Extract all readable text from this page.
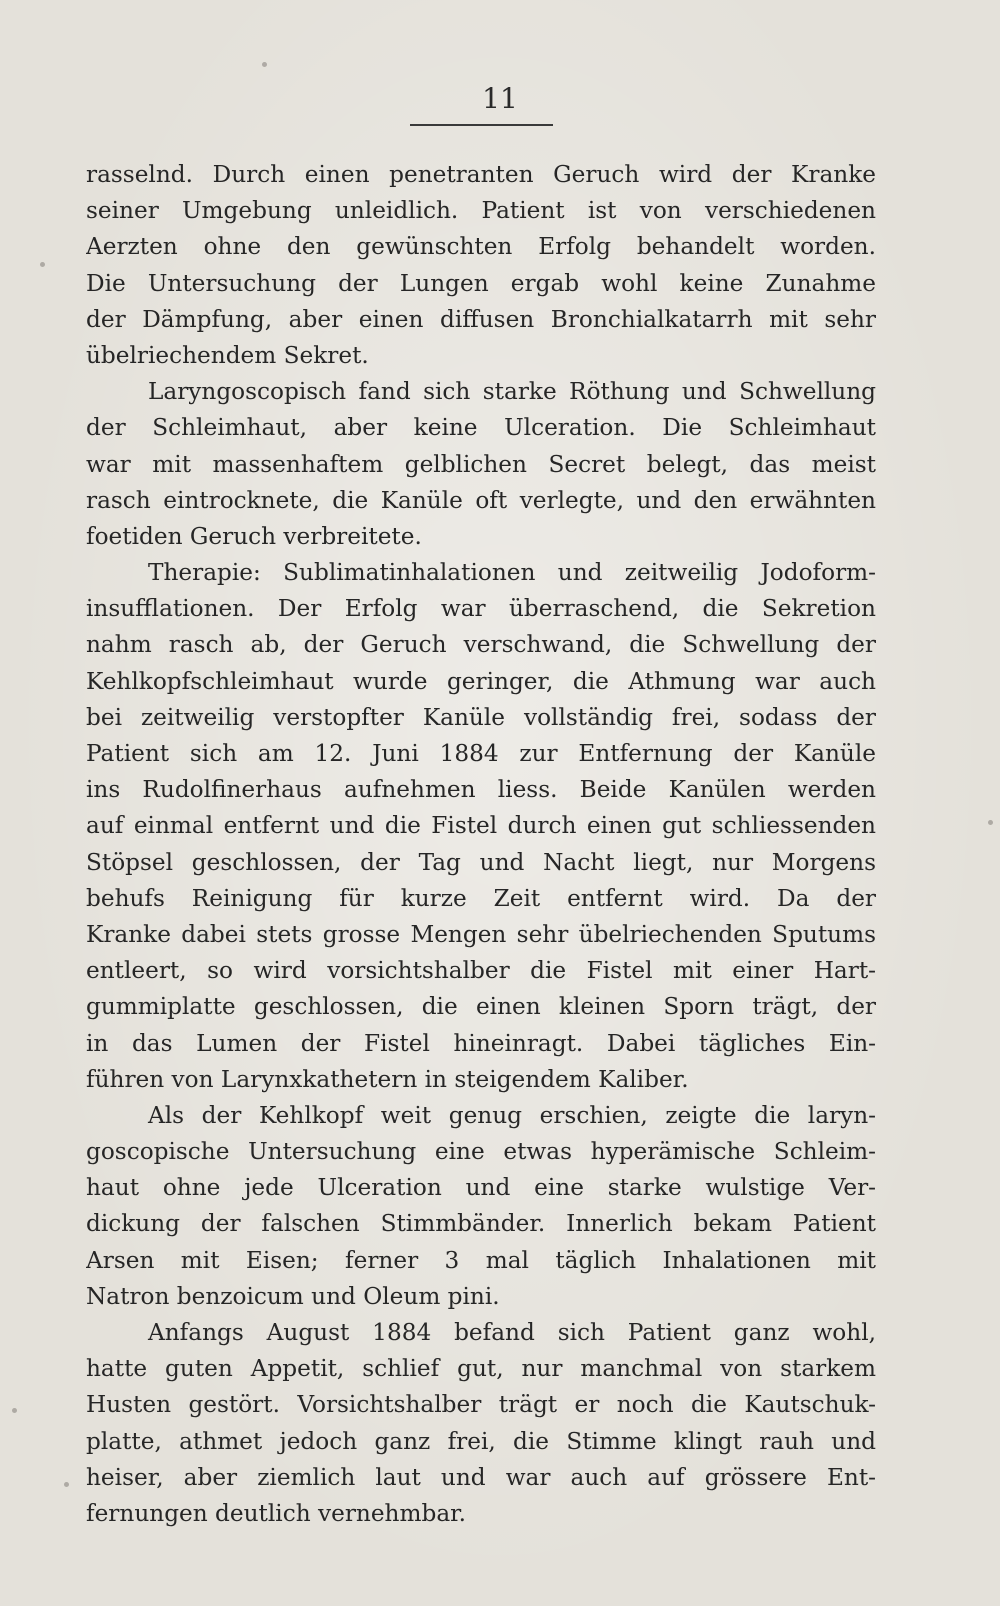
11
rasselnd. Durch einen penetranten Geruch wird der Kranke
seiner Umgebung unleidlich. Patient ist von verschiedenen
Aerzten ohne den gewünschten Erfolg behandelt worden.
Die Untersuchung der Lungen ergab wohl keine Zunahme
der Dämpfung, aber einen diffusen Bronchialkatarrh mit sehr
übelriechendem Sekret.
Laryngoscopisch fand sich starke Röthung und Schwellung
der Schleimhaut, aber keine Ulceration. Die Schleimhaut
war mit massenhaftem gelblichen Secret belegt, das meist
rasch eintrocknete, die Kanüle oft verlegte, und den erwähnten
foetiden Geruch verbreitete.
Therapie: Sublimatinhalationen und zeitweilig Jodoform-
insufflationen. Der Erfolg war überraschend, die Sekretion
nahm rasch ab, der Geruch verschwand, die Schwellung der
Kehlkopfschleimhaut wurde geringer, die Athmung war auch
bei zeitweilig verstopfter Kanüle vollständig frei, sodass der
Patient sich am 12. Juni 1884 zur Entfernung der Kanüle
ins Rudolfinerhaus aufnehmen liess. Beide Kanülen werden
auf einmal entfernt und die Fistel durch einen gut schliessenden
Stöpsel geschlossen, der Tag und Nacht liegt, nur Morgens
behufs Reinigung für kurze Zeit entfernt wird. Da der
Kranke dabei stets grosse Mengen sehr übelriechenden Sputums
entleert, so wird vorsichtshalber die Fistel mit einer Hart-
gummiplatte geschlossen, die einen kleinen Sporn trägt, der
in das Lumen der Fistel hineinragt. Dabei tägliches Ein-
führen von Larynxkathetern in steigendem Kaliber.
Als der Kehlkopf weit genug erschien, zeigte die laryn-
goscopische Untersuchung eine etwas hyperämische Schleim-
haut ohne jede Ulceration und eine starke wulstige Ver-
dickung der falschen Stimmbänder. Innerlich bekam Patient
Arsen mit Eisen; ferner 3 mal täglich Inhalationen mit
Natron benzoicum und Oleum pini.
Anfangs August 1884 befand sich Patient ganz wohl,
hatte guten Appetit, schlief gut, nur manchmal von starkem
Husten gestört. Vorsichtshalber trägt er noch die Kautschuk-
platte, athmet jedoch ganz frei, die Stimme klingt rauh und
heiser, aber ziemlich laut und war auch auf grössere Ent-
fernungen deutlich vernehmbar.
